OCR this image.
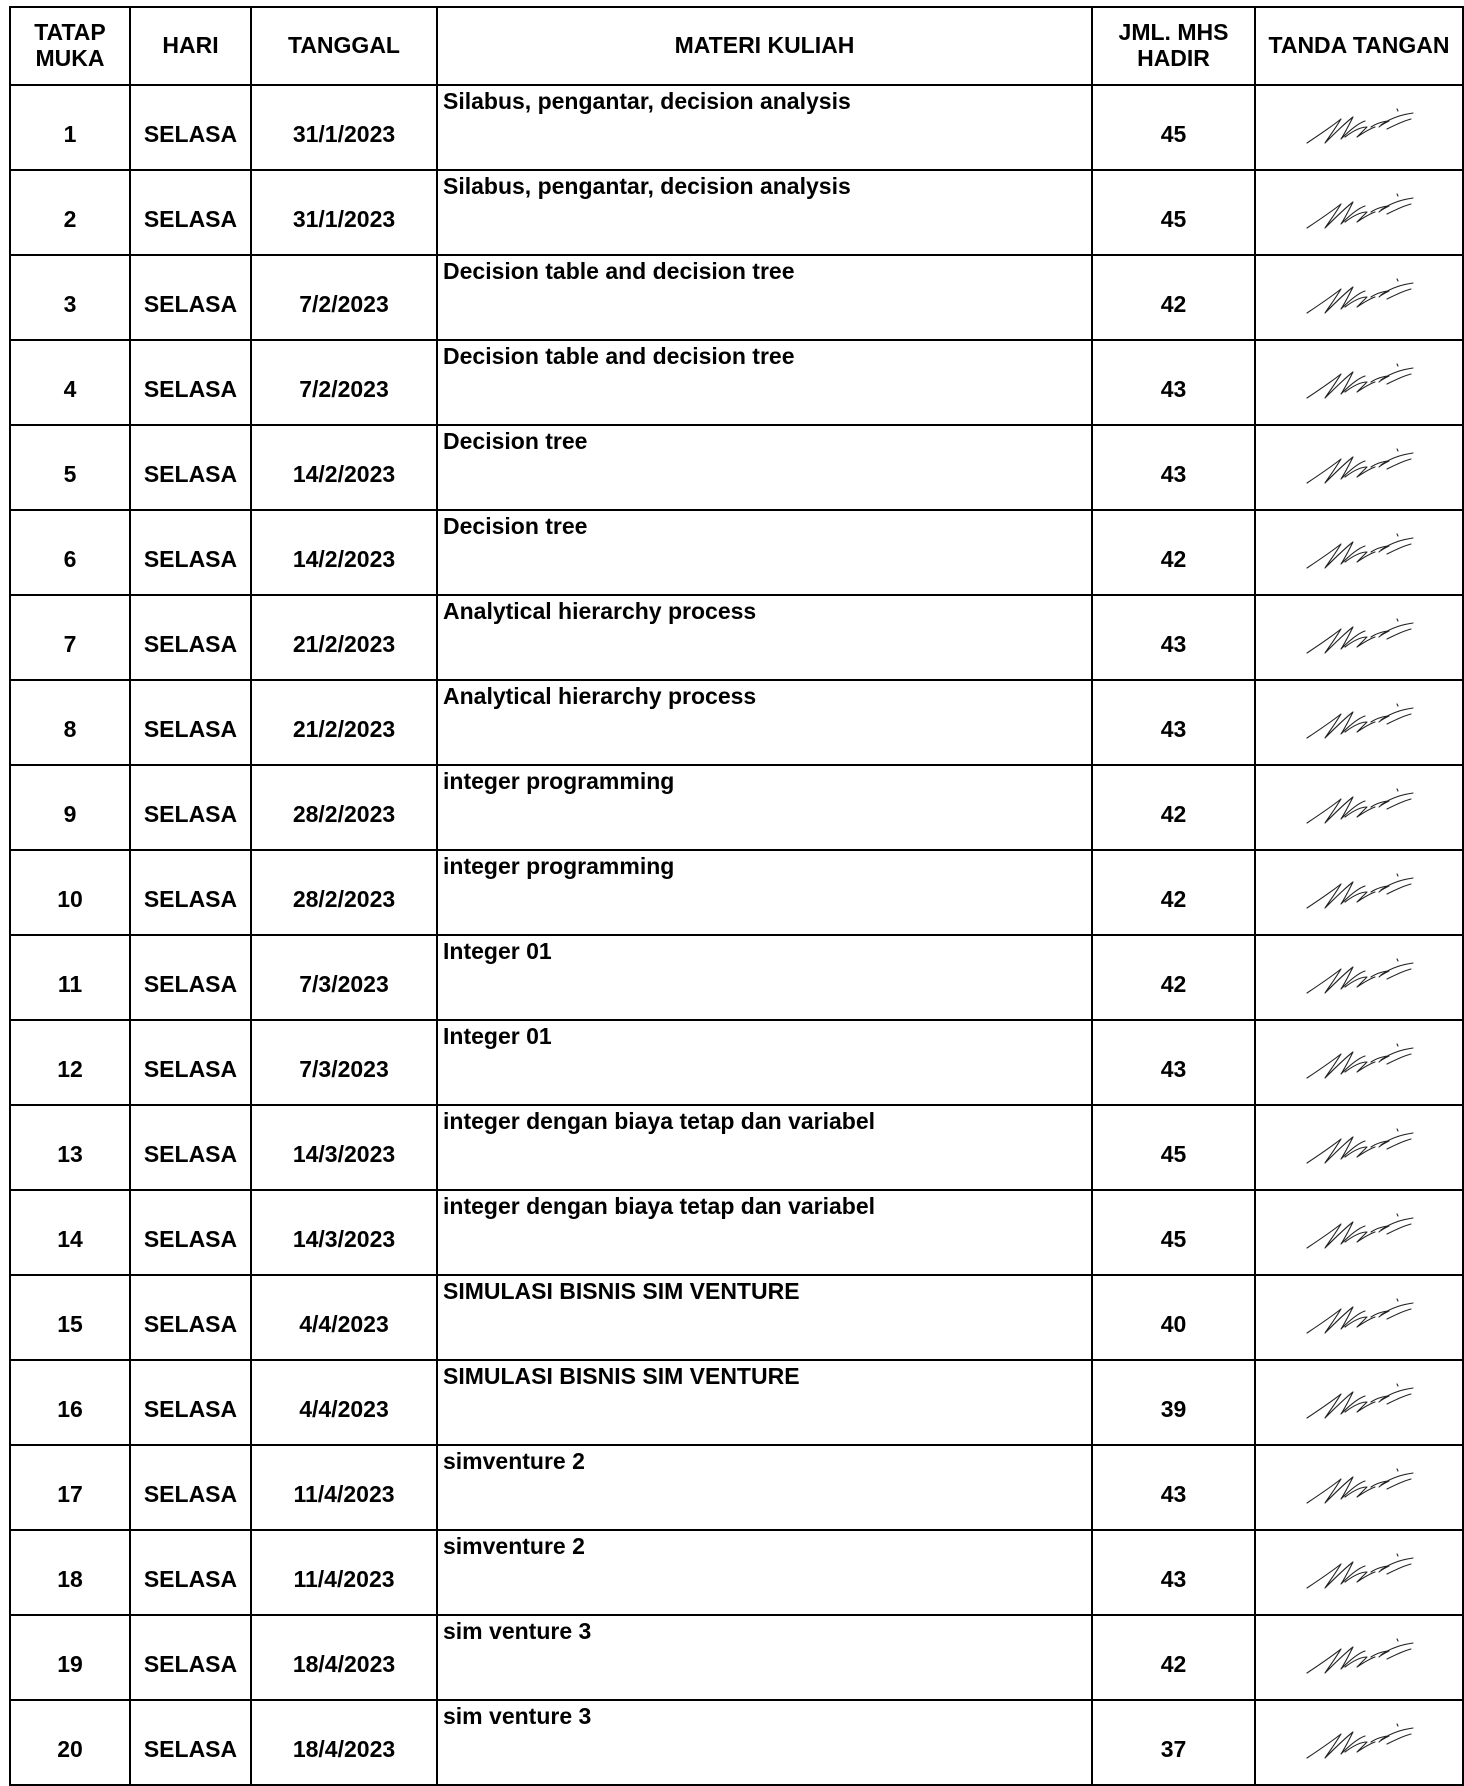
TATAP MUKA	HARI	TANGGAL	MATERI KULIAH	JML. MHS HADIR	TANDA TANGAN
1	SELASA	31/1/2023	Silabus, pengantar, decision analysis	45	

2	SELASA	31/1/2023	Silabus, pengantar, decision analysis	45	

3	SELASA	7/2/2023	Decision table and decision tree	42	

4	SELASA	7/2/2023	Decision table and decision tree	43	

5	SELASA	14/2/2023	Decision tree	43	

6	SELASA	14/2/2023	Decision tree	42	

7	SELASA	21/2/2023	Analytical hierarchy process	43	

8	SELASA	21/2/2023	Analytical hierarchy process	43	

9	SELASA	28/2/2023	integer programming	42	

10	SELASA	28/2/2023	integer programming	42	

11	SELASA	7/3/2023	Integer 01	42	

12	SELASA	7/3/2023	Integer 01	43	

13	SELASA	14/3/2023	integer dengan biaya tetap dan variabel	45	

14	SELASA	14/3/2023	integer dengan biaya tetap dan variabel	45	

15	SELASA	4/4/2023	SIMULASI BISNIS SIM VENTURE	40	

16	SELASA	4/4/2023	SIMULASI BISNIS SIM VENTURE	39	

17	SELASA	11/4/2023	simventure 2	43	

18	SELASA	11/4/2023	simventure 2	43	

19	SELASA	18/4/2023	sim venture 3	42	

20	SELASA	18/4/2023	sim venture 3	37	
